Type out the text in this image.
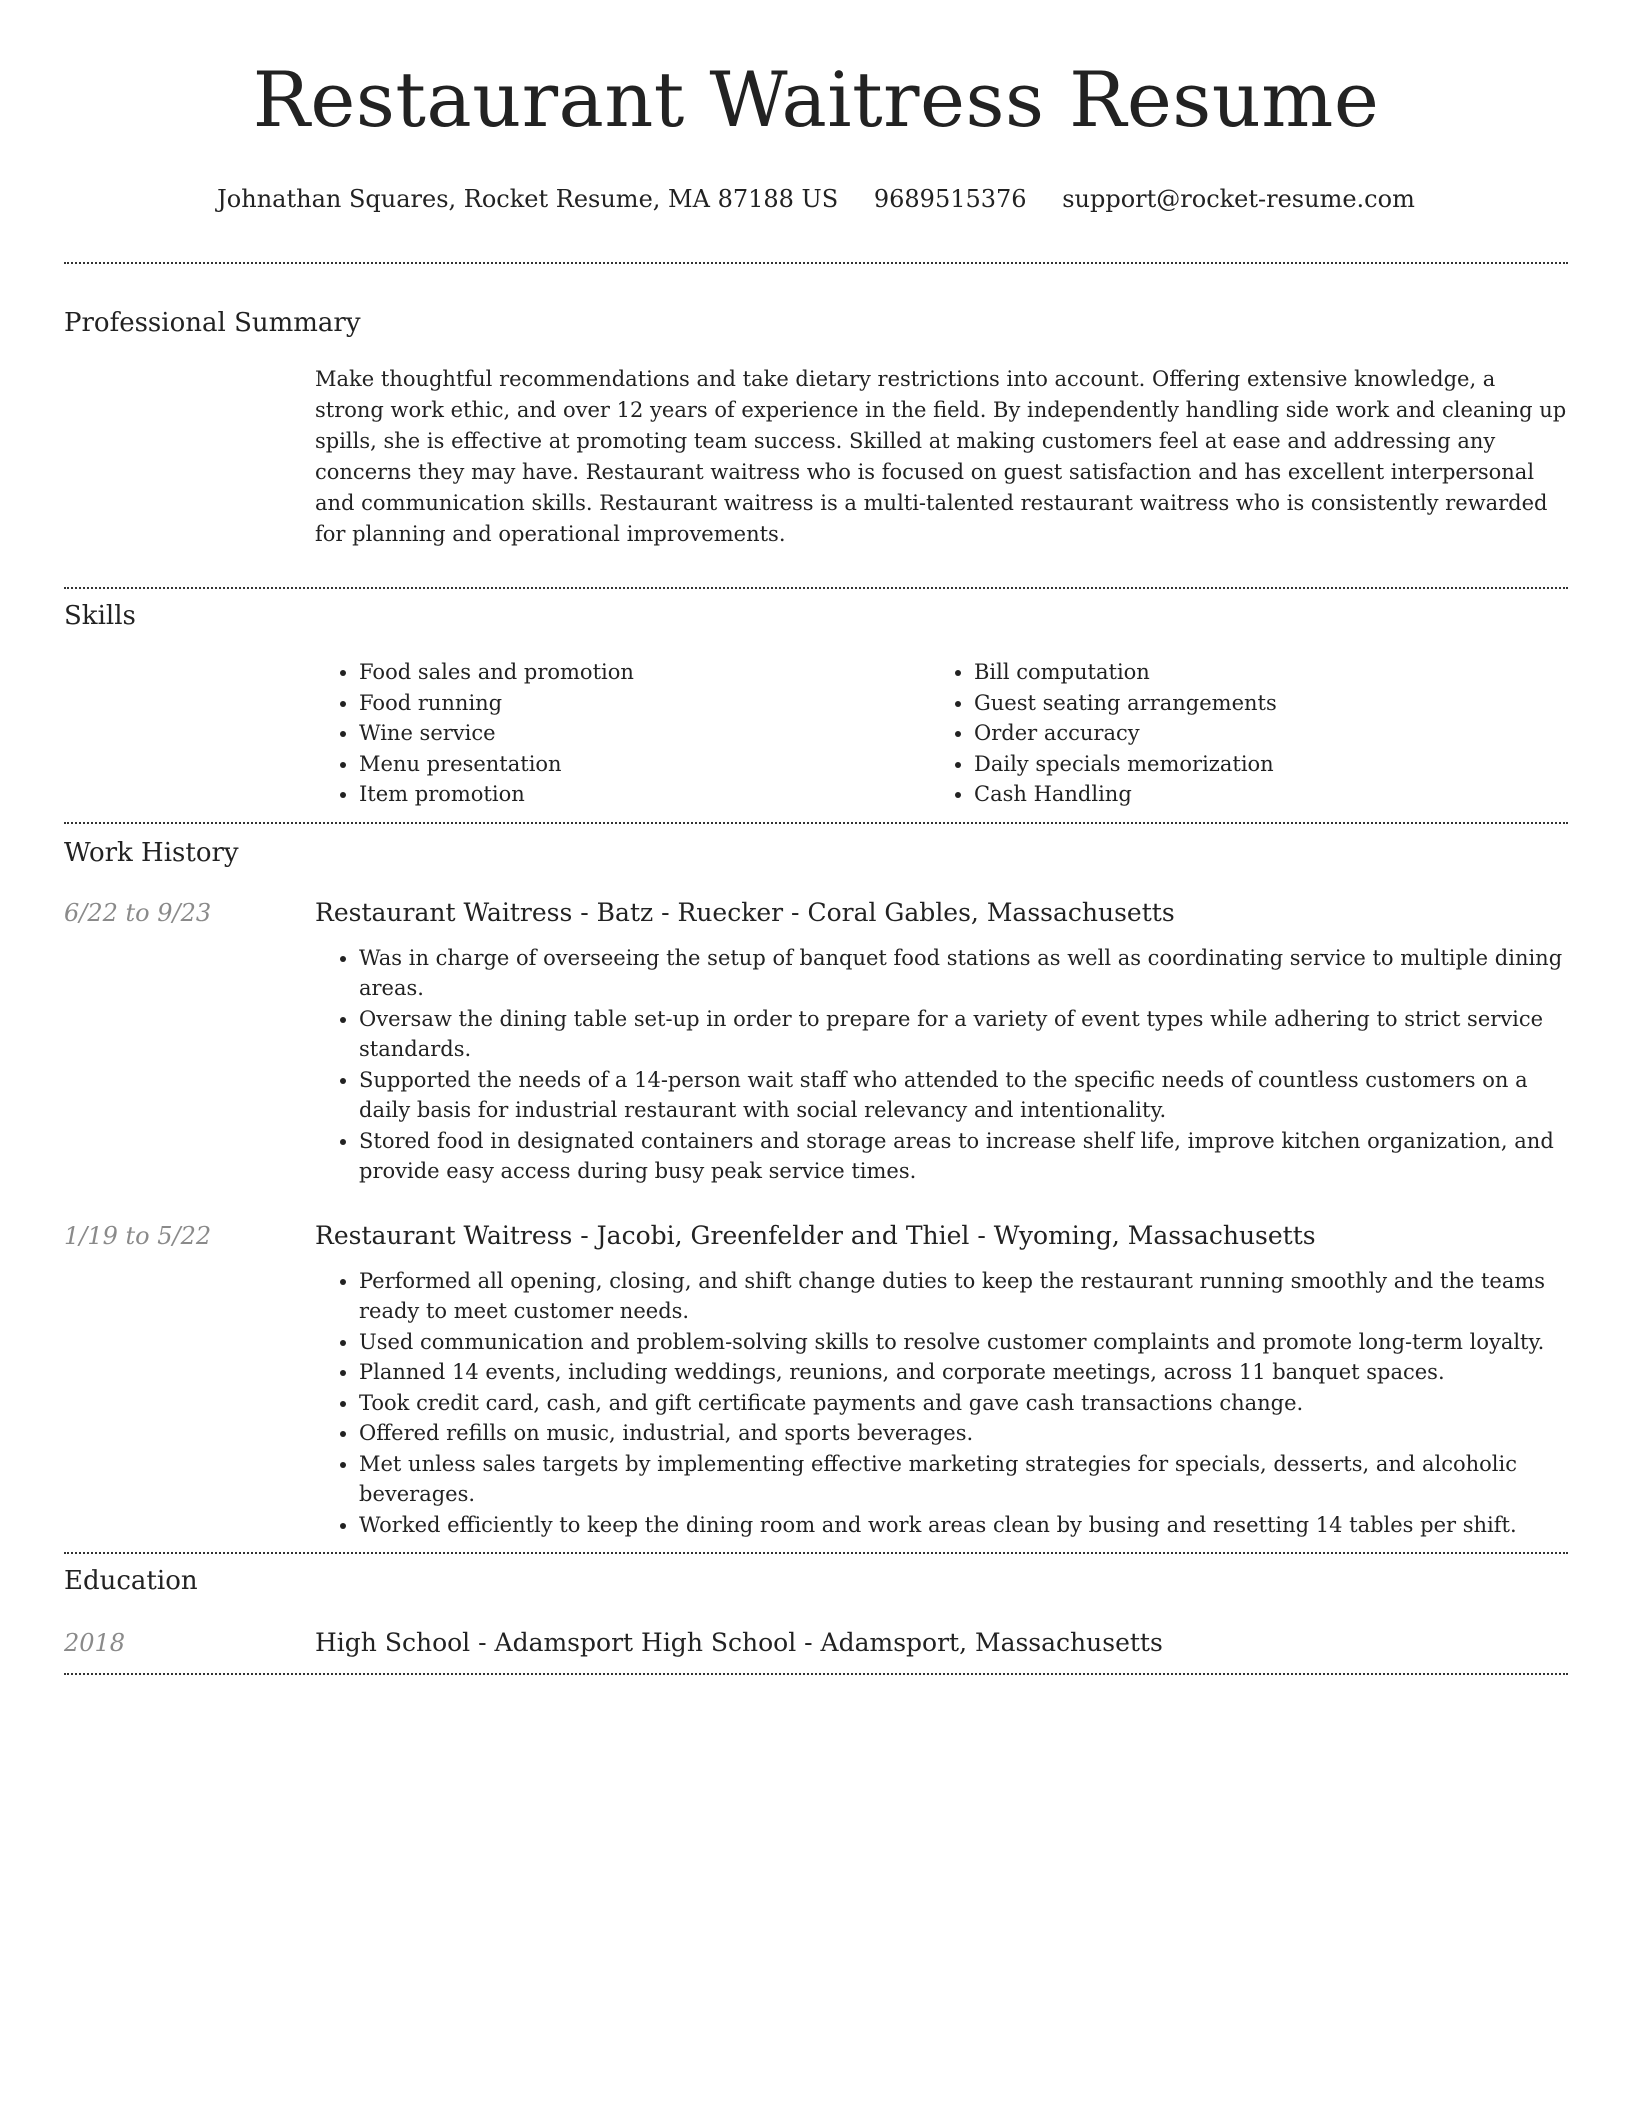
Restaurant Waitress Resume
Johnathan Squares, Rocket Resume, MA 87188 US 9689515376 support@rocket-resume.com
Professional Summary

Make thoughtful recommendations and take dietary restrictions into account. Offering extensive knowledge, a strong work ethic, and over 12 years of experience in the field. By independently handling side work and cleaning up spills, she is effective at promoting team success. Skilled at making customers feel at ease and addressing any concerns they may have. Restaurant waitress who is focused on guest satisfaction and has excellent interpersonal and communication skills. Restaurant waitress is a multi-talented restaurant waitress who is consistently rewarded for planning and operational improvements.

Skills
• Food sales and promotion
• Food running
• Wine service
• Menu presentation
• Item promotion
• Bill computation
• Guest seating arrangements
• Order accuracy
• Daily specials memorization
• Cash Handling
Work History
6/22 to 9/23	Restaurant Waitress - Batz - Ruecker - Coral Gables, Massachusetts
• Was in charge of overseeing the setup of banquet food stations as well as coordinating service to multiple dining areas.
• Oversaw the dining table set-up in order to prepare for a variety of event types while adhering to strict service standards.
• Supported the needs of a 14-person wait staff who attended to the specific needs of countless customers on a daily basis for industrial restaurant with social relevancy and intentionality.
• Stored food in designated containers and storage areas to increase shelf life, improve kitchen organization, and provide easy access during busy peak service times.
1/19 to 5/22	Restaurant Waitress - Jacobi, Greenfelder and Thiel - Wyoming, Massachusetts
• Performed all opening, closing, and shift change duties to keep the restaurant running smoothly and the teams ready to meet customer needs.
• Used communication and problem-solving skills to resolve customer complaints and promote long-term loyalty.
• Planned 14 events, including weddings, reunions, and corporate meetings, across 11 banquet spaces.
• Took credit card, cash, and gift certificate payments and gave cash transactions change.
• Offered refills on music, industrial, and sports beverages.
• Met unless sales targets by implementing effective marketing strategies for specials, desserts, and alcoholic beverages.
• Worked efficiently to keep the dining room and work areas clean by busing and resetting 14 tables per shift.
Education
2018	High School - Adamsport High School - Adamsport, Massachusetts
